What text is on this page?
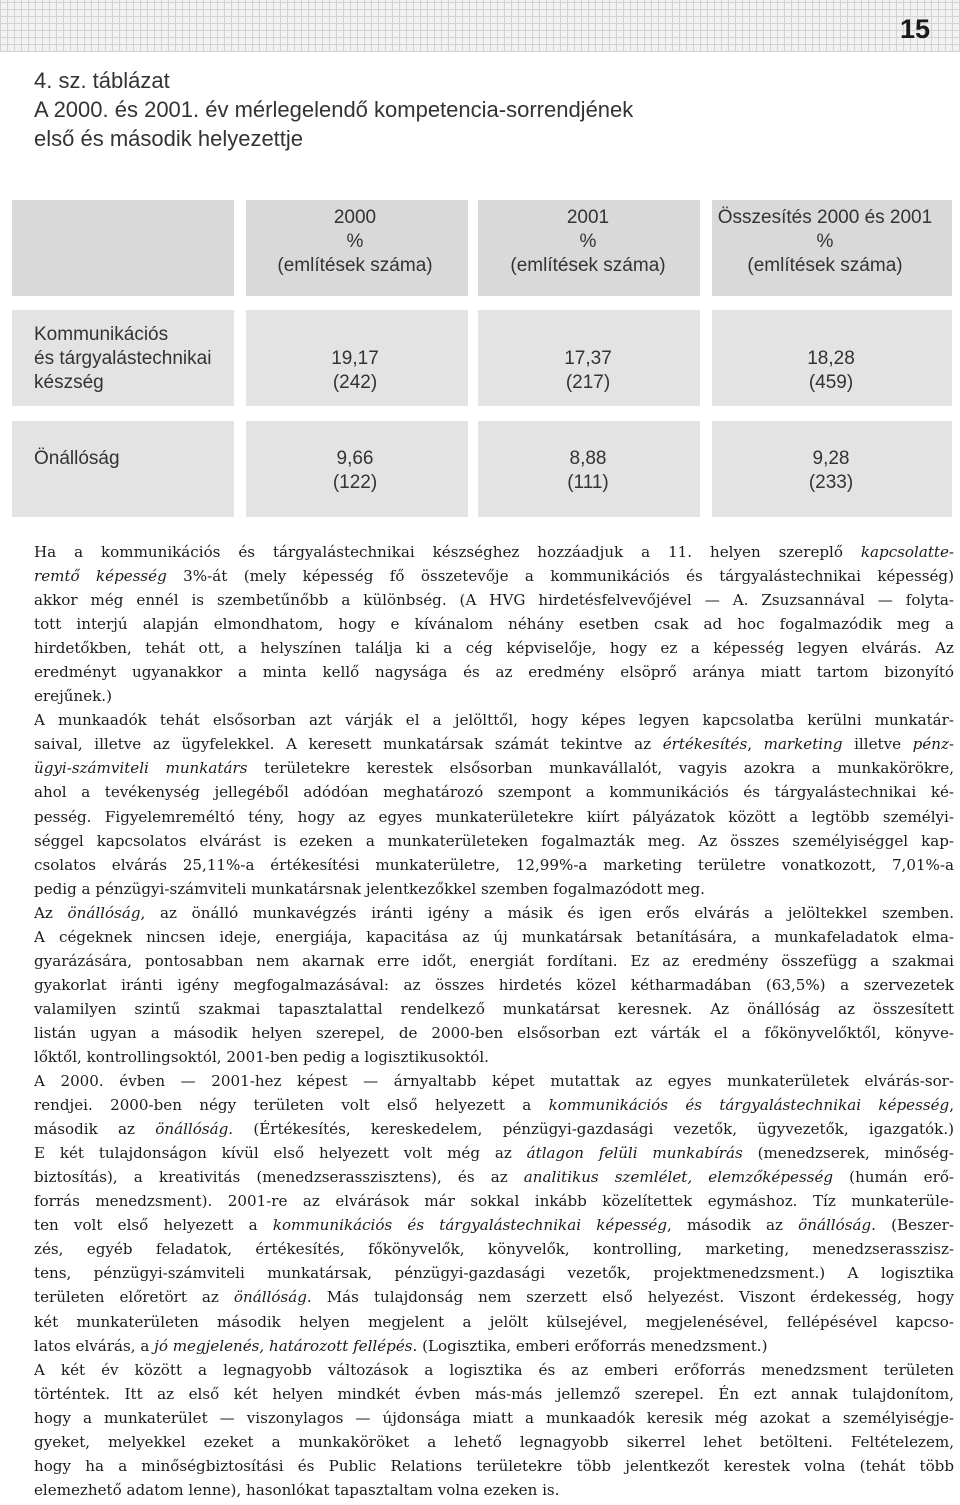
15
4. sz. táblázat
A 2000. és 2001. év mérlegelendő kompetencia-sorrendjének
első és második helyezettje
2000
%
(említések száma)
2001
%
(említések száma)
Összesítés 2000 és 2001
%
(említések száma)
Kommunikációs
és tárgyalástechnikai
készség
19,17
(242)
17,37
(217)
18,28
(459)
Önállóság	9,66
(122)
8,88
(111)
9,28
(233)
Ha a kommunikációs és tárgyalástechnikai készséghez hozzáadjuk a 11. helyen szereplő kapcsolatte-
remtő képesség 3%-át (mely képesség fő összetevője a kommunikációs és tárgyalástechnikai képesség)
akkor még ennél is szembetűnőbb a különbség. (A HVG hirdetésfelvevőjével — A. Zsuzsannával — folyta-
tott interjú alapján elmondhatom, hogy e kívánalom néhány esetben csak ad hoc fogalmazódik meg a
hirdetőkben, tehát ott, a helyszínen találja ki a cég képviselője, hogy ez a képesség legyen elvárás. Az
eredményt ugyanakkor a minta kellő nagysága és az eredmény elsöprő aránya miatt tartom bizonyító
erejűnek.)
A munkaadók tehát elsősorban azt várják el a jelölttől, hogy képes legyen kapcsolatba kerülni munkatár-
saival, illetve az ügyfelekkel. A keresett munkatársak számát tekintve az értékesítés, marketing illetve pénz-
ügyi-számviteli munkatárs területekre kerestek elsősorban munkavállalót, vagyis azokra a munkakörökre,
ahol a tevékenység jellegéből adódóan meghatározó szempont a kommunikációs és tárgyalástechnikai ké-
pesség. Figyelemreméltó tény, hogy az egyes munkaterületekre kiírt pályázatok között a legtöbb személyi-
séggel kapcsolatos elvárást is ezeken a munkaterületeken fogalmazták meg. Az összes személyiséggel kap-
csolatos elvárás 25,11%-a értékesítési munkaterületre, 12,99%-a marketing területre vonatkozott, 7,01%-a
pedig a pénzügyi-számviteli munkatársnak jelentkezőkkel szemben fogalmazódott meg.
Az önállóság, az önálló munkavégzés iránti igény a másik és igen erős elvárás a jelöltekkel szemben.
A cégeknek nincsen ideje, energiája, kapacitása az új munkatársak betanítására, a munkafeladatok elma-
gyarázására, pontosabban nem akarnak erre időt, energiát fordítani. Ez az eredmény összefügg a szakmai
gyakorlat iránti igény megfogalmazásával: az összes hirdetés közel kétharmadában (63,5%) a szervezetek
valamilyen szintű szakmai tapasztalattal rendelkező munkatársat keresnek. Az önállóság az összesített
listán ugyan a második helyen szerepel, de 2000-ben elsősorban ezt várták el a főkönyvelőktől, könyve-
lőktől, kontrollingsoktól, 2001-ben pedig a logisztikusoktól.
A 2000. évben — 2001-hez képest — árnyaltabb képet mutattak az egyes munkaterületek elvárás-sor-
rendjei. 2000-ben négy területen volt első helyezett a kommunikációs és tárgyalástechnikai képesség,
második az önállóság. (Értékesítés, kereskedelem, pénzügyi-gazdasági vezetők, ügyvezetők, igazgatók.)
E két tulajdonságon kívül első helyezett volt még az átlagon felüli munkabírás (menedzserek, minőség-
biztosítás), a kreativitás (menedzserasszisztens), és az analitikus szemlélet, elemzőképesség (humán erő-
forrás menedzsment). 2001-re az elvárások már sokkal inkább közelítettek egymáshoz. Tíz munkaterüle-
ten volt első helyezett a kommunikációs és tárgyalástechnikai képesség, második az önállóság. (Beszer-
zés, egyéb feladatok, értékesítés, főkönyvelők, könyvelők, kontrolling, marketing, menedzserasszisz-
tens, pénzügyi-számviteli munkatársak, pénzügyi-gazdasági vezetők, projektmenedzsment.) A logisztika
területen előretört az önállóság. Más tulajdonság nem szerzett első helyezést. Viszont érdekesség, hogy
két munkaterületen második helyen megjelent a jelölt külsejével, megjelenésével, fellépésével kapcso-
latos elvárás, a jó megjelenés, határozott fellépés. (Logisztika, emberi erőforrás menedzsment.)
A két év között a legnagyobb változások a logisztika és az emberi erőforrás menedzsment területen
történtek. Itt az első két helyen mindkét évben más-más jellemző szerepel. Én ezt annak tulajdonítom,
hogy a munkaterület — viszonylagos — újdonsága miatt a munkaadók keresik még azokat a személyiségje-
gyeket, melyekkel ezeket a munkaköröket a lehető legnagyobb sikerrel lehet betölteni. Feltételezem,
hogy ha a minőségbiztosítási és Public Relations területekre több jelentkezőt kerestek volna (tehát több
elemezhető adatom lenne), hasonlókat tapasztaltam volna ezeken is.
